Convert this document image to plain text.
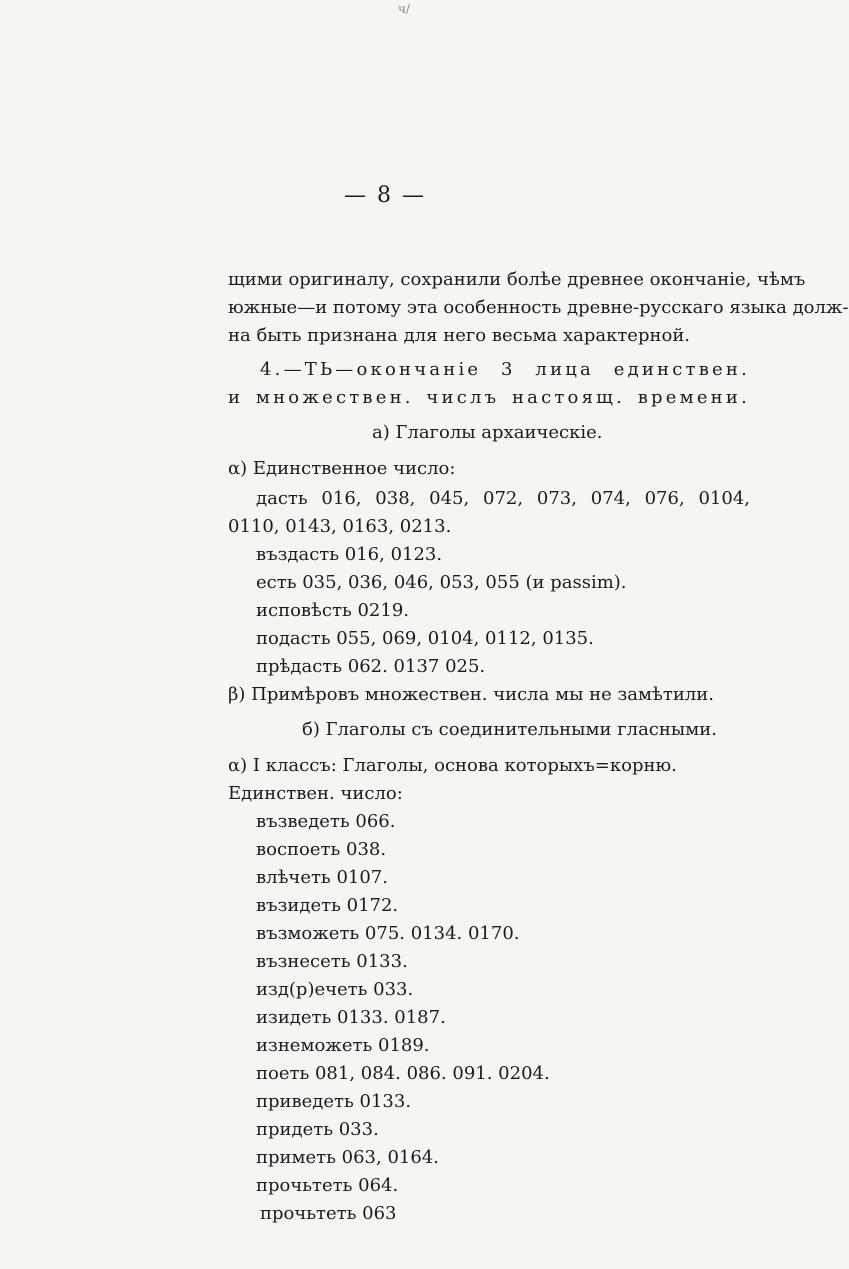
ч/
— 8 —
щими оригиналу, сохранили болѣе древнее окончаніе, чѣмъ
южные—и потому эта особенность древне-русскаго языка долж-
на быть признана для него весьма характерной.
4.—ТЬ—окончаніе 3 лица единствен.
и множествен. числъ настоящ. времени.
а) Глаголы архаическіе.
α) Единственное число:
дасть 016, 038, 045, 072, 073, 074, 076, 0104,
0110, 0143, 0163, 0213.
въздасть 016, 0123.
есть 035, 036, 046, 053, 055 (и passim).
исповѣсть 0219.
подасть 055, 069, 0104, 0112, 0135.
прѣдасть 062. 0137 025.
β) Примѣровъ множествен. числа мы не замѣтили.
б) Глаголы съ соединительными гласными.
α) I классъ: Глаголы, основа которыхъ=корню.
Единствен. число:
възведеть 066.
воспоеть 038.
влѣчеть 0107.
възидеть 0172.
възможеть 075. 0134. 0170.
възнесеть 0133.
изд(р)ечеть 033.
изидеть 0133. 0187.
изнеможеть 0189.
поеть 081, 084. 086. 091. 0204.
приведеть 0133.
придеть 033.
приметь 063, 0164.
прочьтеть 064.
прочьтеть 063
